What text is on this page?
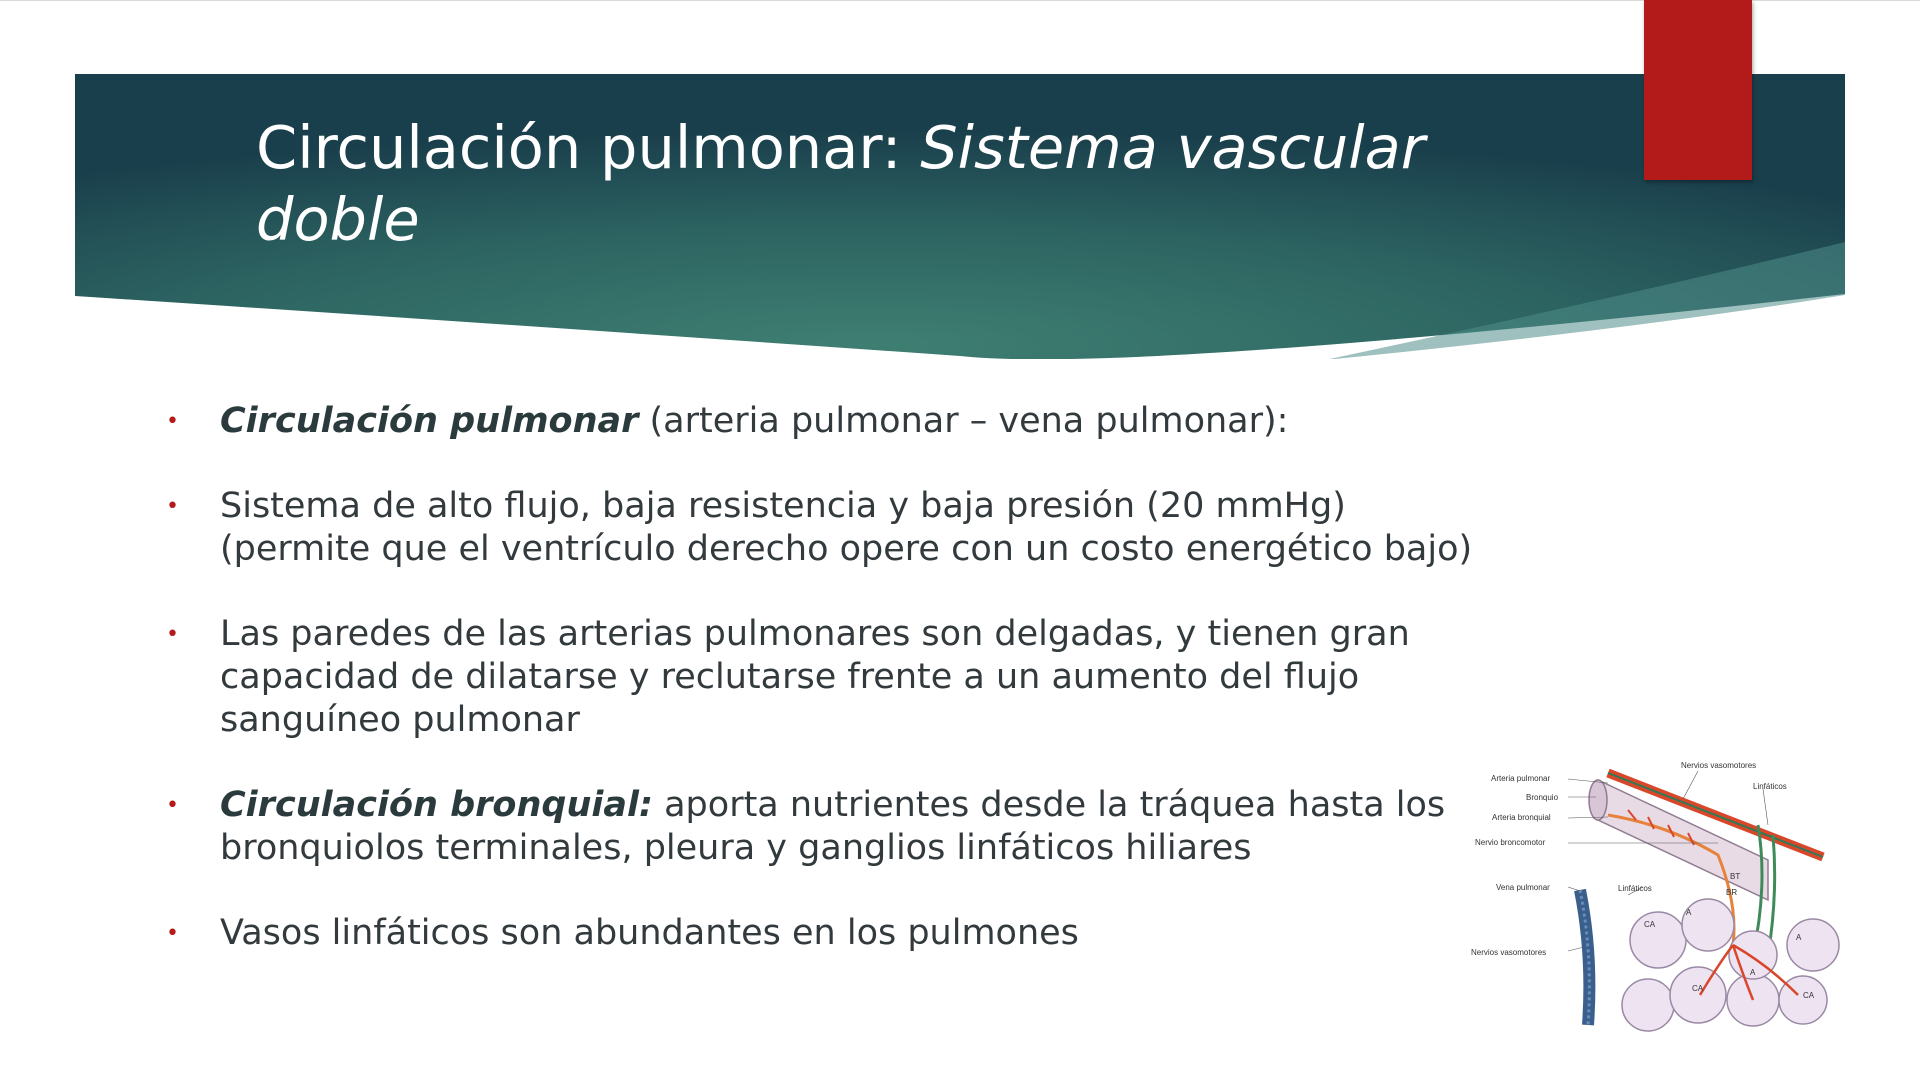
Circulación pulmonar: Sistema vascular doble
• Circulación pulmonar (arteria pulmonar – vena pulmonar):
• Sistema de alto flujo, baja resistencia y baja presión (20 mmHg)(permite que el ventrículo derecho opere con un costo energético bajo)
• Las paredes de las arterias pulmonares son delgadas, y tienen gran capacidad de dilatarse y reclutarse frente a un aumento del flujo sanguíneo pulmonar
• Circulación bronquial: aporta nutrientes desde la tráquea hasta los bronquiolos terminales, pleura y ganglios linfáticos hiliares
• Vasos linfáticos son abundantes en los pulmones
Nervios vasomotores
Linfáticos
Arteria pulmonar
Bronquio
Arteria bronquial
Nervio broncomotor
Vena pulmonar	Linfáticos
Nervios vasomotores
BT
BR
CA
CA
CA
A
A
A
